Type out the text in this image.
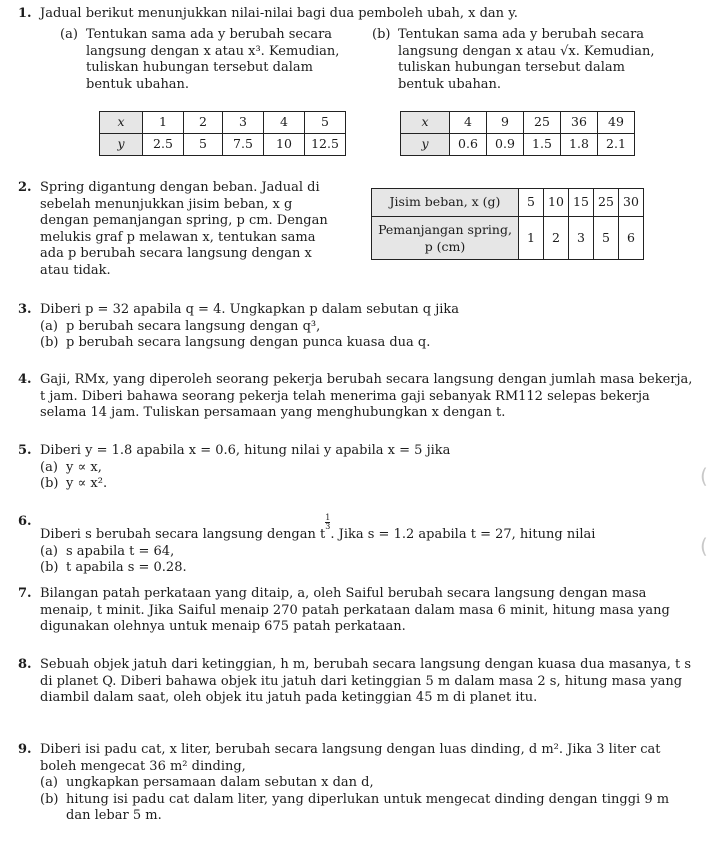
1. Jadual berikut menunjukkan nilai-nilai bagi dua pemboleh ubah, x dan y.
(a) Tentukan sama ada y berubah secara langsung dengan x atau x³. Kemudian, tuliskan hubungan tersebut dalam bentuk ubahan.
(b) Tentukan sama ada y berubah secara langsung dengan x atau √x. Kemudian, tuliskan hubungan tersebut dalam bentuk ubahan.
x	1	2	3	4	5
y	2.5	5	7.5	10	12.5
x	4	9	25	36	49
y	0.6	0.9	1.5	1.8	2.1
2. Spring digantung dengan beban. Jadual di sebelah menunjukkan jisim beban, x g dengan pemanjangan spring, p cm. Dengan melukis graf p melawan x, tentukan sama ada p berubah secara langsung dengan x atau tidak.
Jisim beban, x (g)	5	10	15	25	30

Pemanjangan spring,
p (cm)	1	2	3	5	6
3. Diberi p = 32 apabila q = 4. Ungkapkan p dalam sebutan q jika
(a) p berubah secara langsung dengan q³,
(b) p berubah secara langsung dengan punca kuasa dua q.
4. Gaji, RMx, yang diperoleh seorang pekerja berubah secara langsung dengan jumlah masa bekerja, t jam. Diberi bahawa seorang pekerja telah menerima gaji sebanyak RM112 selepas bekerja selama 14 jam. Tuliskan persamaan yang menghubungkan x dengan t.
5. Diberi y = 1.8 apabila x = 0.6, hitung nilai y apabila x = 5 jika
(a) y ∝ x,
(b) y ∝ x².	(
6.
Diberi s berubah secara langsung dengan t
$\frac{1}{3}$
. Jika s = 1.2 apabila t = 27, hitung nilai
(a) s apabila t = 64,
(b) t apabila s = 0.28.
(
7. Bilangan patah perkataan yang ditaip, a, oleh Saiful berubah secara langsung dengan masa menaip, t minit. Jika Saiful menaip 270 patah perkataan dalam masa 6 minit, hitung masa yang digunakan olehnya untuk menaip 675 patah perkataan.
8. Sebuah objek jatuh dari ketinggian, h m, berubah secara langsung dengan kuasa dua masanya, t s di planet Q. Diberi bahawa objek itu jatuh dari ketinggian 5 m dalam masa 2 s, hitung masa yang diambil dalam saat, oleh objek itu jatuh pada ketinggian 45 m di planet itu.
9. Diberi isi padu cat, x liter, berubah secara langsung dengan luas dinding, d m². Jika 3 liter cat boleh mengecat 36 m² dinding,
(a) ungkapkan persamaan dalam sebutan x dan d,
(b) hitung isi padu cat dalam liter, yang diperlukan untuk mengecat dinding dengan tinggi 9 m dan lebar 5 m.
